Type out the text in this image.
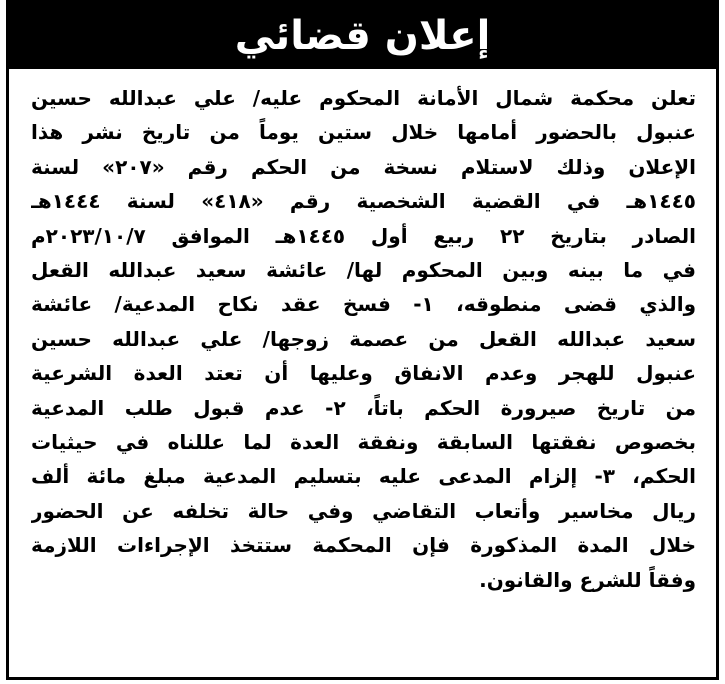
إعلان قضائي
تعلن محكمة شمال الأمانة المحكوم عليه/ علي عبدالله حسين
عنبول بالحضور أمامها خلال ستين يوماً من تاريخ نشر هذا
الإعلان وذلك لاستلام نسخة من الحكم رقم «٢٠٧» لسنة
١٤٤٥هـ في القضية الشخصية رقم «٤١٨» لسنة ١٤٤٤هـ
الصادر بتاريخ ٢٢ ربيع أول ١٤٤٥هـ الموافق ٢٠٢٣/١٠/٧م
في ما بينه وبين المحكوم لها/ عائشة سعيد عبدالله القعل
والذي قضى منطوقه، ١- فسخ عقد نكاح المدعية/ عائشة
سعيد عبدالله القعل من عصمة زوجها/ علي عبدالله حسين
عنبول للهجر وعدم الانفاق وعليها أن تعتد العدة الشرعية
من تاريخ صيرورة الحكم باتاً، ٢- عدم قبول طلب المدعية
بخصوص نفقتها السابقة ونفقة العدة لما عللناه في حيثيات
الحكم، ٣- إلزام المدعى عليه بتسليم المدعية مبلغ مائة ألف
ريال مخاسير وأتعاب التقاضي وفي حالة تخلفه عن الحضور
خلال المدة المذكورة فإن المحكمة ستتخذ الإجراءات اللازمة
وفقاً للشرع والقانون.
